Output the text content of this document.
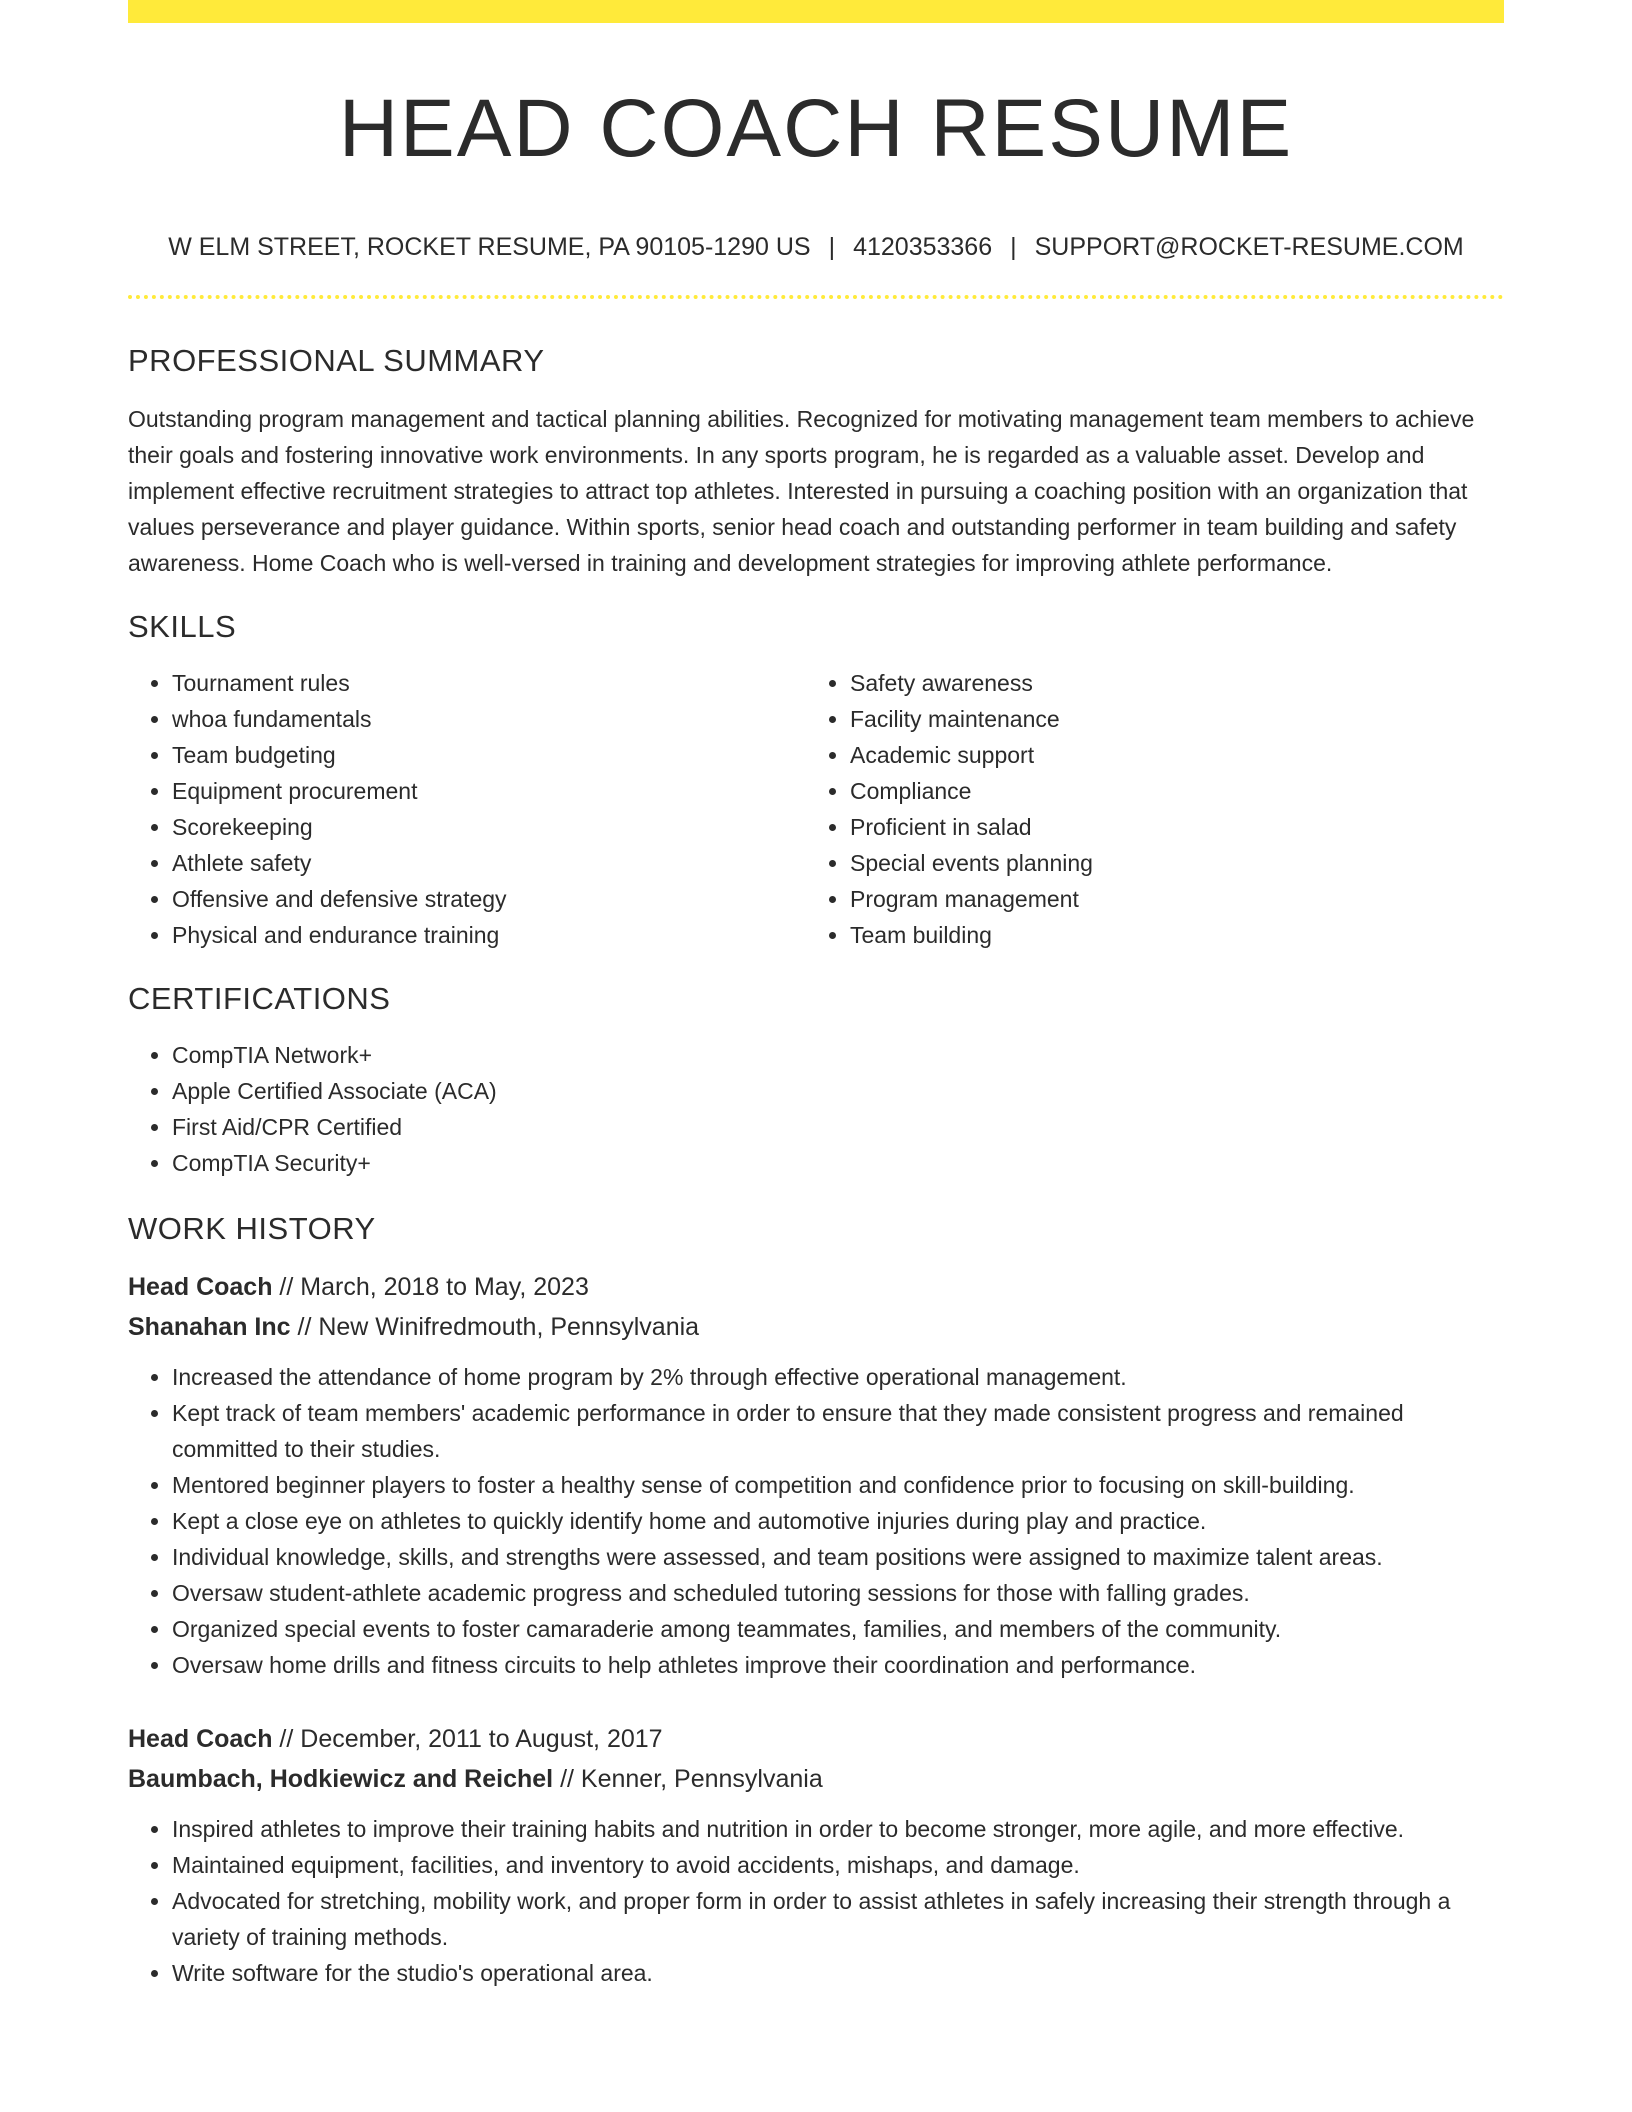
HEAD COACH RESUME
W ELM STREET, ROCKET RESUME, PA 90105-1290 US | 4120353366 | SUPPORT@ROCKET-RESUME.COM
PROFESSIONAL SUMMARY
Outstanding program management and tactical planning abilities. Recognized for motivating management team members to achieve their goals and fostering innovative work environments. In any sports program, he is regarded as a valuable asset. Develop and implement effective recruitment strategies to attract top athletes. Interested in pursuing a coaching position with an organization that values perseverance and player guidance. Within sports, senior head coach and outstanding performer in team building and safety awareness. Home Coach who is well-versed in training and development strategies for improving athlete performance.
SKILLS
• Tournament rules
• whoa fundamentals
• Team budgeting
• Equipment procurement
• Scorekeeping
• Athlete safety
• Offensive and defensive strategy
• Physical and endurance training
• Safety awareness
• Facility maintenance
• Academic support
• Compliance
• Proficient in salad
• Special events planning
• Program management
• Team building
CERTIFICATIONS
• CompTIA Network+
• Apple Certified Associate (ACA)
• First Aid/CPR Certified
• CompTIA Security+
WORK HISTORY
Head Coach // March, 2018 to May, 2023
Shanahan Inc // New Winifredmouth, Pennsylvania
• Increased the attendance of home program by 2% through effective operational management.
• Kept track of team members' academic performance in order to ensure that they made consistent progress and remained committed to their studies.
• Mentored beginner players to foster a healthy sense of competition and confidence prior to focusing on skill-building.
• Kept a close eye on athletes to quickly identify home and automotive injuries during play and practice.
• Individual knowledge, skills, and strengths were assessed, and team positions were assigned to maximize talent areas.
• Oversaw student-athlete academic progress and scheduled tutoring sessions for those with falling grades.
• Organized special events to foster camaraderie among teammates, families, and members of the community.
• Oversaw home drills and fitness circuits to help athletes improve their coordination and performance.
Head Coach // December, 2011 to August, 2017
Baumbach, Hodkiewicz and Reichel // Kenner, Pennsylvania
• Inspired athletes to improve their training habits and nutrition in order to become stronger, more agile, and more effective.
• Maintained equipment, facilities, and inventory to avoid accidents, mishaps, and damage.
• Advocated for stretching, mobility work, and proper form in order to assist athletes in safely increasing their strength through a variety of training methods.
• Write software for the studio's operational area.
